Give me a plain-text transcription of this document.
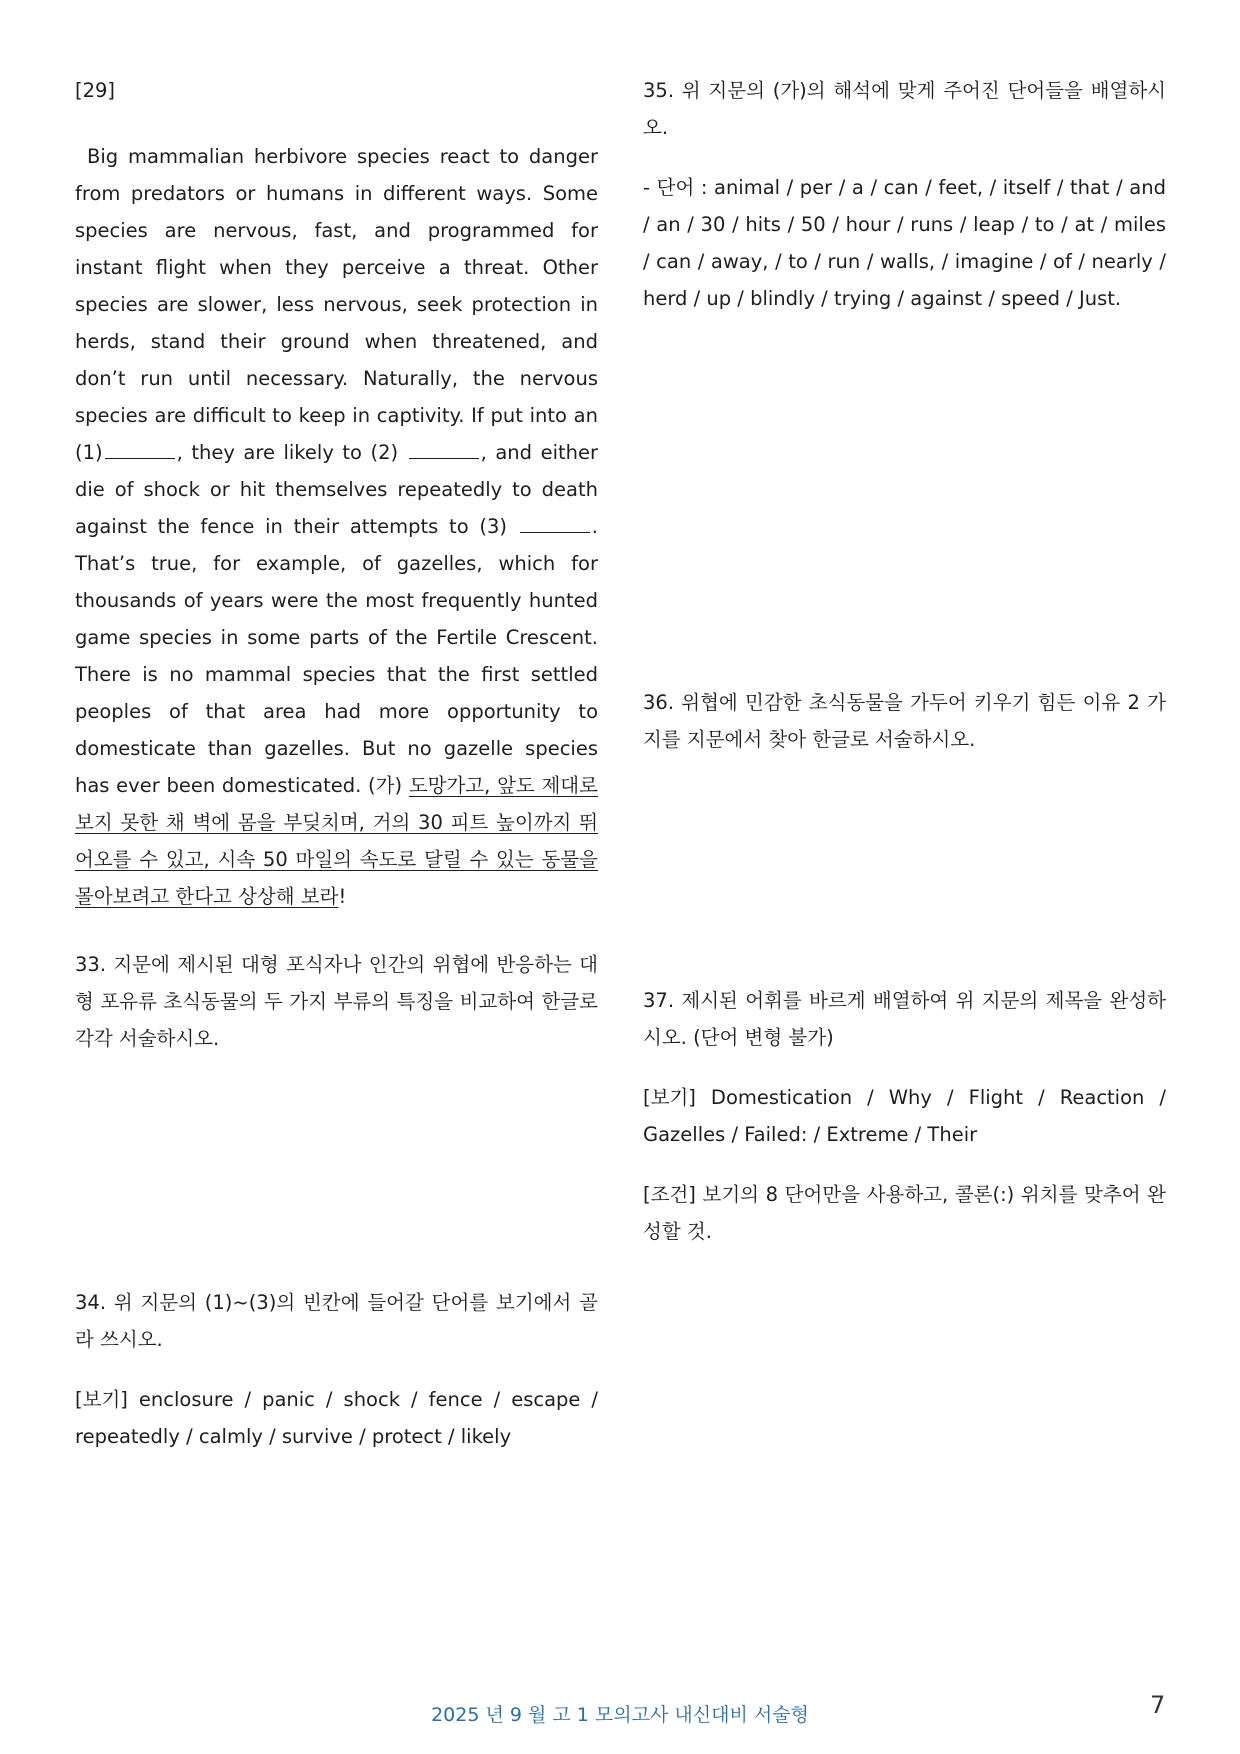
[29]

Big mammalian herbivore species react to danger from predators or humans in different ways. Some species are nervous, fast, and programmed for instant flight when they perceive a threat. Other species are slower, less nervous, seek protection in herds, stand their ground when threatened, and don’t run until necessary. Naturally, the nervous species are difficult to keep in captivity. If put into an (1)	, they are likely to (2)	, and either die of shock or hit themselves repeatedly to death against the fence in their attempts to (3)	. That’s true, for example, of gazelles, which for thousands of years were the most frequently hunted game species in some parts of the Fertile Crescent. There is no mammal species that the first settled peoples of that area had more opportunity to domesticate than gazelles. But no gazelle species has ever been domesticated. (가) 도망가고, 앞도 제대로 보지 못한 채 벽에 몸을 부딪치며, 거의 30 피트 높이까지 뛰어오를 수 있고, 시속 50 마일의 속도로 달릴 수 있는 동물을 몰아보려고 한다고 상상해 보라!

33. 지문에 제시된 대형 포식자나 인간의 위협에 반응하는 대형 포유류 초식동물의 두 가지 부류의 특징을 비교하여 한글로 각각 서술하시오.

34. 위 지문의 (1)~(3)의 빈칸에 들어갈 단어를 보기에서 골라 쓰시오.

[보기] enclosure / panic / shock / fence / escape / repeatedly / calmly / survive / protect / likely

35. 위 지문의 (가)의 해석에 맞게 주어진 단어들을 배열하시오.

- 단어 : animal / per / a / can / feet, / itself / that / and / an / 30 / hits / 50 / hour / runs / leap / to / at / miles / can / away, / to / run / walls, / imagine / of / nearly / herd / up / blindly / trying / against / speed / Just.

36. 위협에 민감한 초식동물을 가두어 키우기 힘든 이유 2 가지를 지문에서 찾아 한글로 서술하시오.

37. 제시된 어휘를 바르게 배열하여 위 지문의 제목을 완성하시오. (단어 변형 불가)

[보기] Domestication / Why / Flight / Reaction / Gazelles / Failed: / Extreme / Their

[조건] 보기의 8 단어만을 사용하고, 콜론(:) 위치를 맞추어 완성할 것.

2025 년 9 월 고 1 모의고사 내신대비 서술형	7
